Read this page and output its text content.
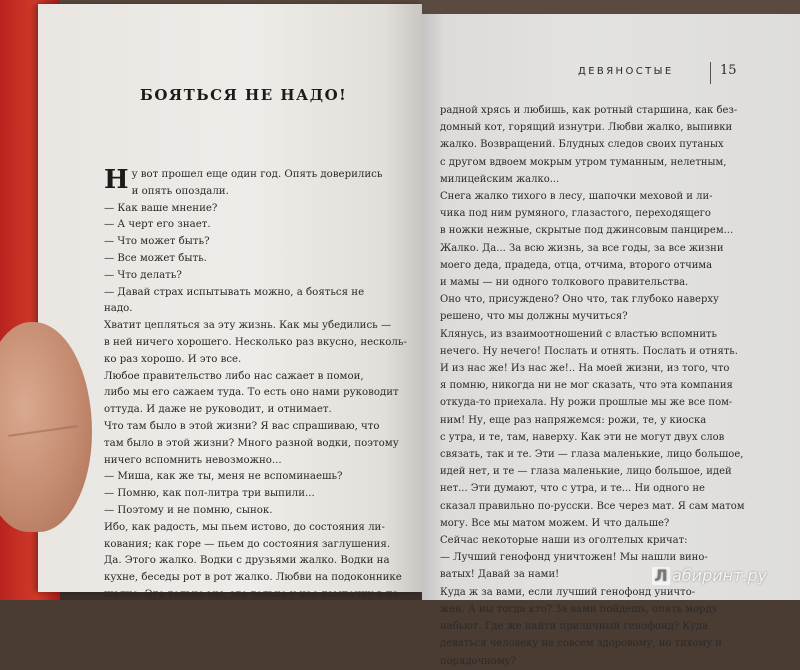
БОЯТЬСЯ НЕ НАДО!

Ну вот прошел еще один год. Опять доверились

и опять опоздали.

— Как ваше мнение?

— А черт его знает.

— Что может быть?

— Все может быть.

— Что делать?

— Давай страх испытывать можно, а бояться не

надо.

Хватит цепляться за эту жизнь. Как мы убедились —

в ней ничего хорошего. Несколько раз вкусно, несколь-

ко раз хорошо. И это все.

Любое правительство либо нас сажает в помои,

либо мы его сажаем туда. То есть оно нами руководит

оттуда. И даже не руководит, и отнимает.

Что там было в этой жизни? Я вас спрашиваю, что

там было в этой жизни? Много разной водки, поэтому

ничего вспомнить невозможно...

— Миша, как же ты, меня не вспоминаешь?

— Помню, как пол-литра три выпили...

— Поэтому и не помню, сынок.

Ибо, как радость, мы пьем истово, до состояния ли-

кования; как горе — пьем до состояния заглушения.

Да. Этого жалко. Водки с друзьями жалко. Водки на

кухне, беседы рот в рот жалко. Любви на подоконнике

жалко. Это только мы, это только у нас лампочку в па-

ДЕВЯНОСТЫЕ	15

радной хрясь и любишь, как ротный старшина, как без-

домный кот, горящий изнутри. Любви жалко, выпивки

жалко. Возвращений. Блудных следов своих путаных

с другом вдвоем мокрым утром туманным, нелетным,

милицейским жалко...

Снега жалко тихого в лесу, шапочки меховой и ли-

чика под ним румяного, глазастого, переходящего

в ножки нежные, скрытые под джинсовым панцирем...

Жалко. Да... За всю жизнь, за все годы, за все жизни

моего деда, прадеда, отца, отчима, второго отчима

и мамы — ни одного толкового правительства.

Оно что, присуждено? Оно что, так глубоко наверху

решено, что мы должны мучиться?

Клянусь, из взаимоотношений с властью вспомнить

нечего. Ну нечего! Послать и отнять. Послать и отнять.

И из нас же! Из нас же!.. На моей жизни, из того, что

я помню, никогда ни не мог сказать, что эта компания

откуда-то приехала. Ну рожи прошлые мы же все пом-

ним! Ну, еще раз напряжемся: рожи, те, у киоска

с утра, и те, там, наверху. Как эти не могут двух слов

связать, так и те. Эти — глаза маленькие, лицо большое,

идей нет, и те — глаза маленькие, лицо большое, идей

нет... Эти думают, что с утра, и те... Ни одного не

сказал правильно по-русски. Все через мат. Я сам матом

могу. Все мы матом можем. И что дальше?

Сейчас некоторые наши из оголтелых кричат:

— Лучший генофонд уничтожен! Мы нашли вино-

ватых! Давай за нами!

Куда ж за вами, если лучший генофонд уничто-

жен. А ны тогда кто? За вами пойдешь, опять морду

набьют. Где же найти приличный генофонд? Куда

деваться человеку не совсем здоровому, но тихому и

порядочному?

Л абиринт.ру
